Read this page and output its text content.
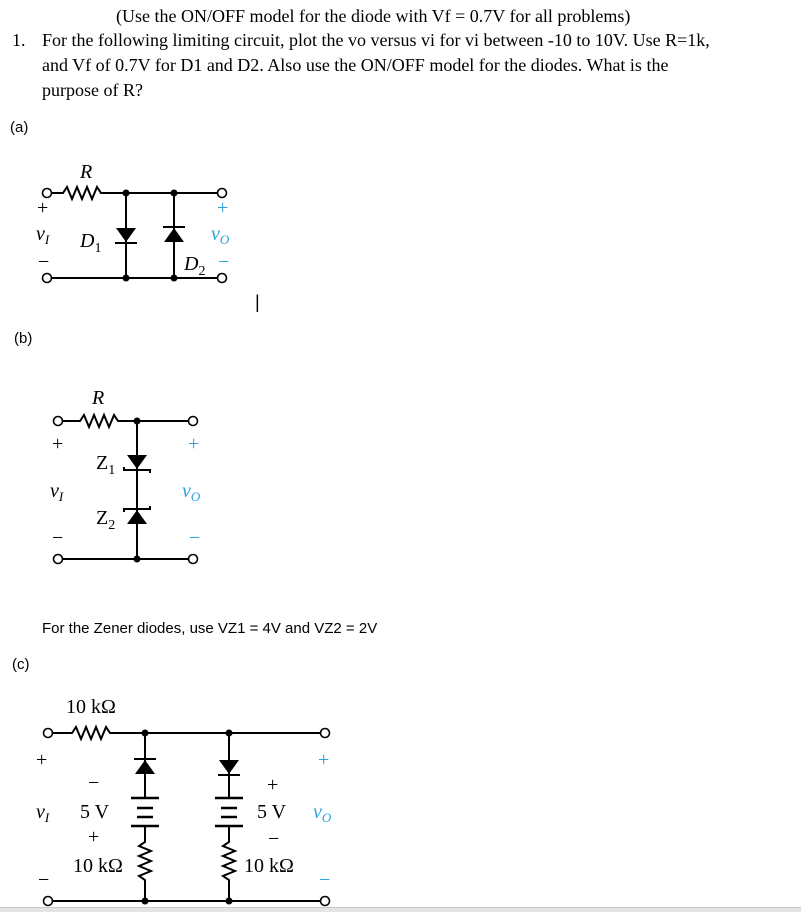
(Use the ON/OFF model for the diode with Vf = 0.7V for all problems)
1. For the following limiting circuit, plot the vo versus vi for vi between -10 to 10V. Use R=1k,
and Vf of 0.7V for D1 and D2. Also use the ON/OFF model for the diodes. What is the
purpose of R?
(a)
(b)
For the Zener diodes, use VZ1 = 4V and VZ2 = 2V
(c)
|
R
+
$v_I$
−
$D_1$
$D_2$
+
$v_O$
−
R
+
$v_I$
−
$Z_1$
$Z_2$
+
$v_O$
−
10 kΩ
+
−
$v_I$ 5 V
+
10 kΩ
−
+
5 V
−
10 kΩ
+
$v_O$
−
